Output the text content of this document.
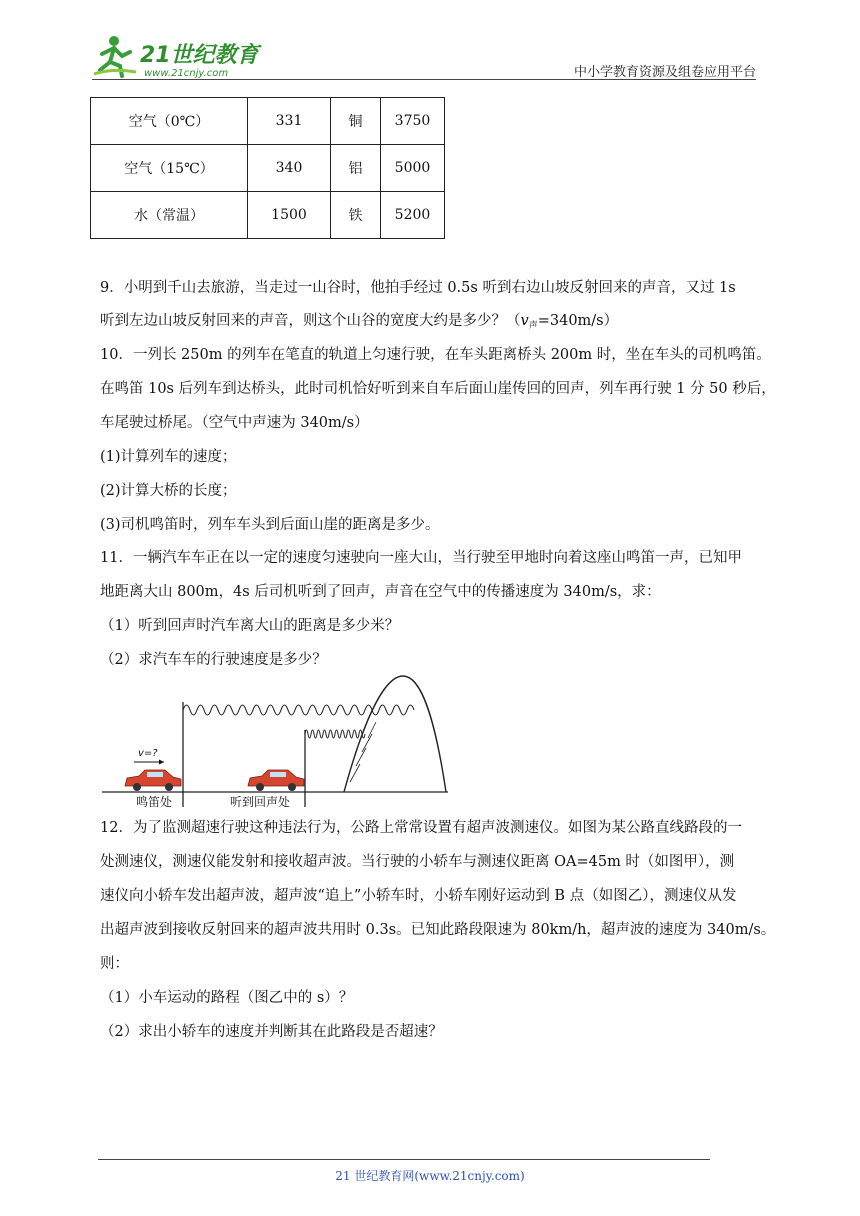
21世纪教育
www.21cnjy.com	中小学教育资源及组卷应用平台
空气（0℃）	331	铜	3750
空气（15℃）	340	铝	5000
水（常温）	1500	铁	5200
9．小明到千山去旅游，当走过一山谷时，他拍手经过 0.5s 听到右边山坡反射回来的声音，又过 1s
听到左边山坡反射回来的声音，则这个山谷的宽度大约是多少？$(v_声=340m/s)$
10．一列长 250m 的列车在笔直的轨道上匀速行驶，在车头距离桥头 200m 时，坐在车头的司机鸣笛。
在鸣笛 10s 后列车到达桥头，此时司机恰好听到来自车后面山崖传回的回声，列车再行驶 1 分 50 秒后，
车尾驶过桥尾。（空气中声速为 340m/s）
(1)计算列车的速度；
(2)计算大桥的长度；
(3)司机鸣笛时，列车车头到后面山崖的距离是多少。
11．一辆汽车车正在以一定的速度匀速驶向一座大山，当行驶至甲地时向着这座山鸣笛一声，已知甲
地距离大山 800m，4s 后司机听到了回声，声音在空气中的传播速度为 340m/s，求：
（1）听到回声时汽车离大山的距离是多少米？
（2）求汽车车的行驶速度是多少？
v=?
鸣笛处	听到回声处
12．为了监测超速行驶这种违法行为，公路上常常设置有超声波测速仪。如图为某公路直线路段的一
处测速仪，测速仪能发射和接收超声波。当行驶的小轿车与测速仪距离 OA=45m 时（如图甲），测
速仪向小轿车发出超声波，超声波“追上”小轿车时，小轿车刚好运动到 B 点（如图乙），测速仪从发
出超声波到接收反射回来的超声波共用时 0.3s。已知此路段限速为 80km/h，超声波的速度为 340m/s。
则：
（1）小车运动的路程（图乙中的 s）？
（2）求出小轿车的速度并判断其在此路段是否超速？
21 世纪教育网(www.21cnjy.com)
